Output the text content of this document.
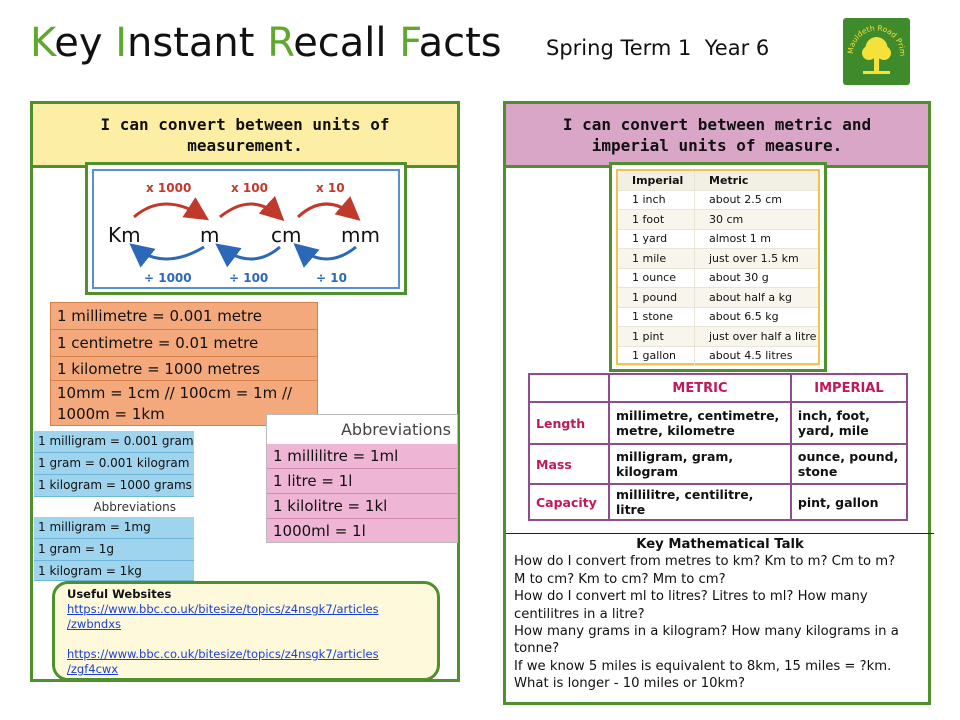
Key Instant Recall Facts Spring Term 1 Year 6	Mauldeth Road Prim
I can convert between units of measurement.
Km	m	cm mm
x 1000	x 100	x 10
÷ 1000	÷ 100	÷ 10
1 millimetre = 0.001 metre
1 centimetre = 0.01 metre
1 kilometre = 1000 metres
10mm = 1cm // 100cm = 1m //
1000m = 1km
1 milligram = 0.001 gram
1 gram = 0.001 kilogram
1 kilogram = 1000 grams
Abbreviations
1 milligram = 1mg
1 gram = 1g
1 kilogram = 1kg
Abbreviations
1 millilitre = 1ml
1 litre = 1l
1 kilolitre = 1kl
1000ml = 1l
Useful Websites
https://www.bbc.co.uk/bitesize/topics/z4nsgk7/articles
/zwbndxs
https://www.bbc.co.uk/bitesize/topics/z4nsgk7/articles
/zgf4cwx
I can convert between metric and imperial units of measure.
Imperial	Metric
1 inch	about 2.5 cm
1 foot	30 cm
1 yard	almost 1 m
1 mile	just over 1.5 km
1 ounce	about 30 g
1 pound	about half a kg
1 stone	about 6.5 kg
1 pint	just over half a litre
1 gallon	about 4.5 litres
	METRIC	IMPERIAL
Length	millimetre, centimetre, metre, kilometre	inch, foot, yard, mile
Mass	milligram, gram, kilogram	ounce, pound, stone
Capacity	millilitre, centilitre, litre	pint, gallon
Key Mathematical Talk
How do I convert from metres to km? Km to m? Cm to m?
M to cm? Km to cm? Mm to cm?
How do I convert ml to litres? Litres to ml? How many
centilitres in a litre?
How many grams in a kilogram? How many kilograms in a
tonne?
If we know 5 miles is equivalent to 8km, 15 miles = ?km.
What is longer - 10 miles or 10km?
